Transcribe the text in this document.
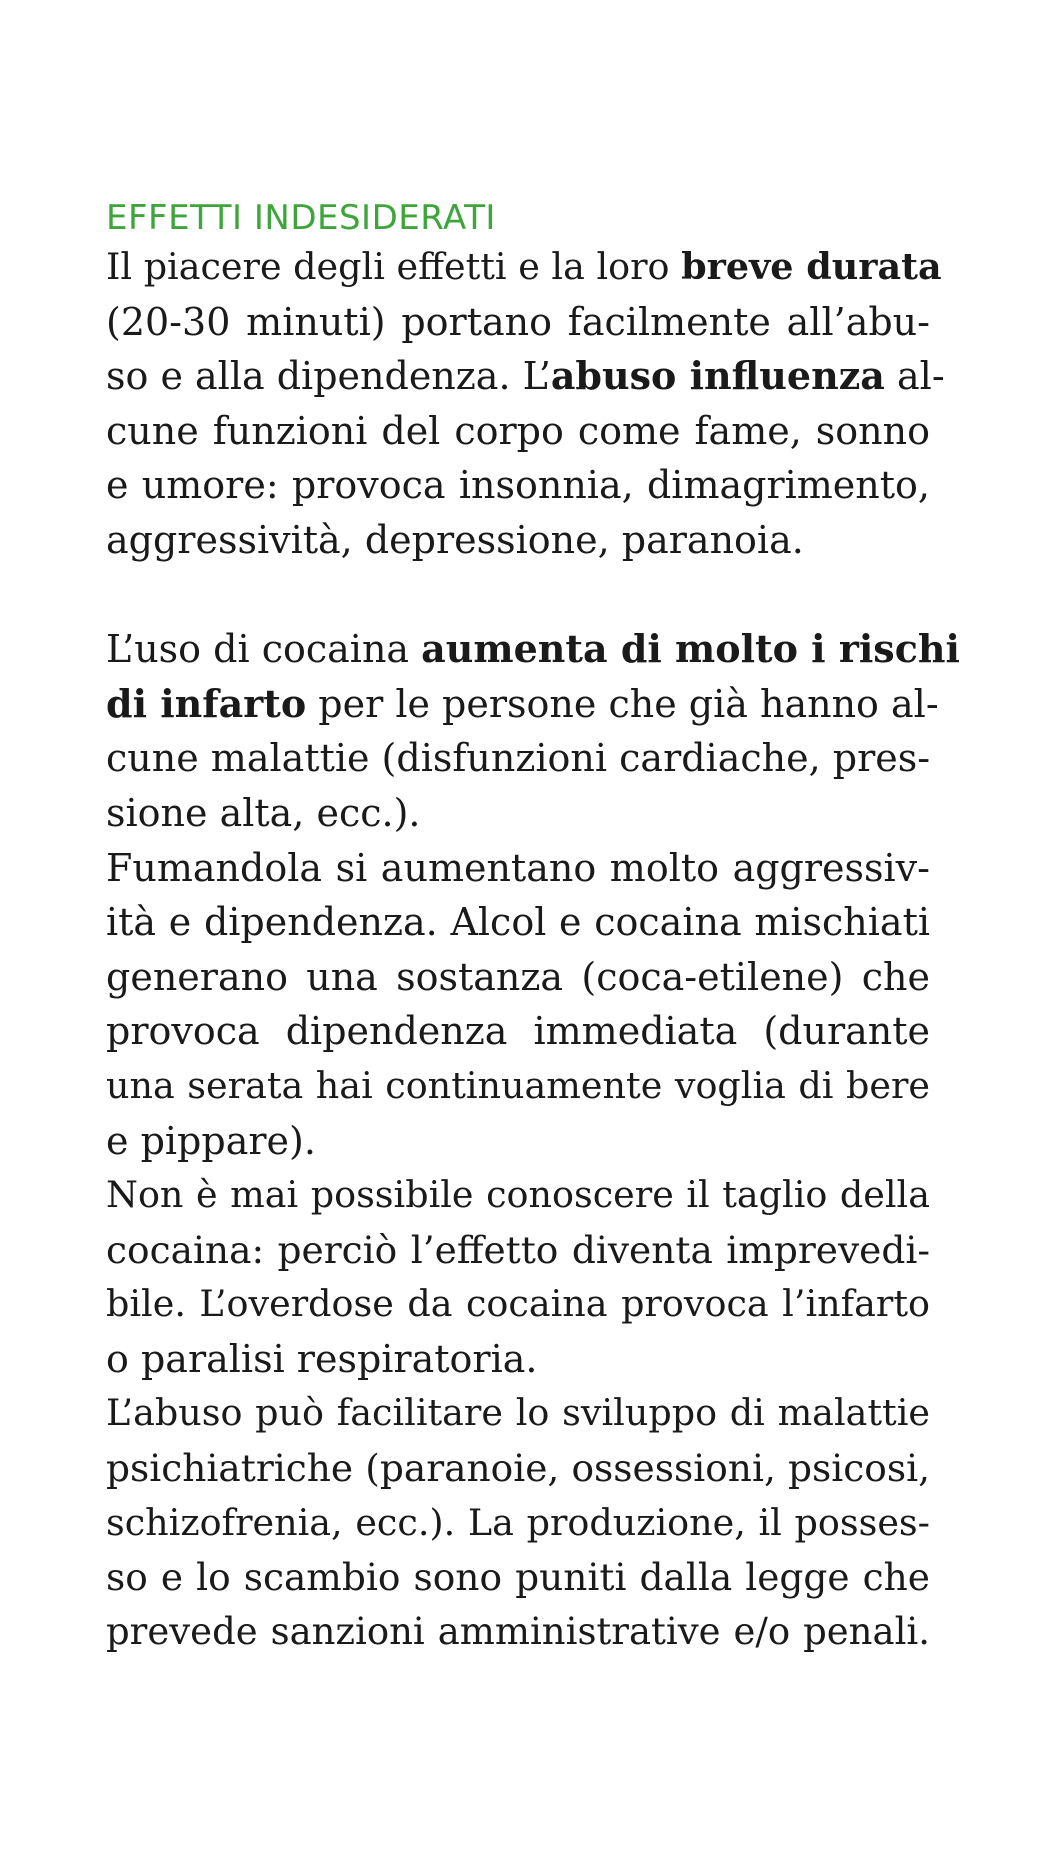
EFFETTI INDESIDERATI
Il piacere degli effetti e la loro breve durata
(20-30 minuti) portano facilmente all’abu-
so e alla dipendenza. L’abuso influenza al-
cune funzioni del corpo come fame, sonno
e umore: provoca insonnia, dimagrimento,
aggressività, depressione, paranoia.
L’uso di cocaina aumenta di molto i rischi
di infarto per le persone che già hanno al-
cune malattie (disfunzioni cardiache, pres-
sione alta, ecc.).
Fumandola si aumentano molto aggressiv-
ità e dipendenza. Alcol e cocaina mischiati
generano una sostanza (coca-etilene) che
provoca dipendenza immediata (durante
una serata hai continuamente voglia di bere
e pippare).
Non è mai possibile conoscere il taglio della
cocaina: perciò l’effetto diventa imprevedi-
bile. L’overdose da cocaina provoca l’infarto
o paralisi respiratoria.
L’abuso può facilitare lo sviluppo di malattie
psichiatriche (paranoie, ossessioni, psicosi,
schizofrenia, ecc.). La produzione, il posses-
so e lo scambio sono puniti dalla legge che
prevede sanzioni amministrative e/o penali.
